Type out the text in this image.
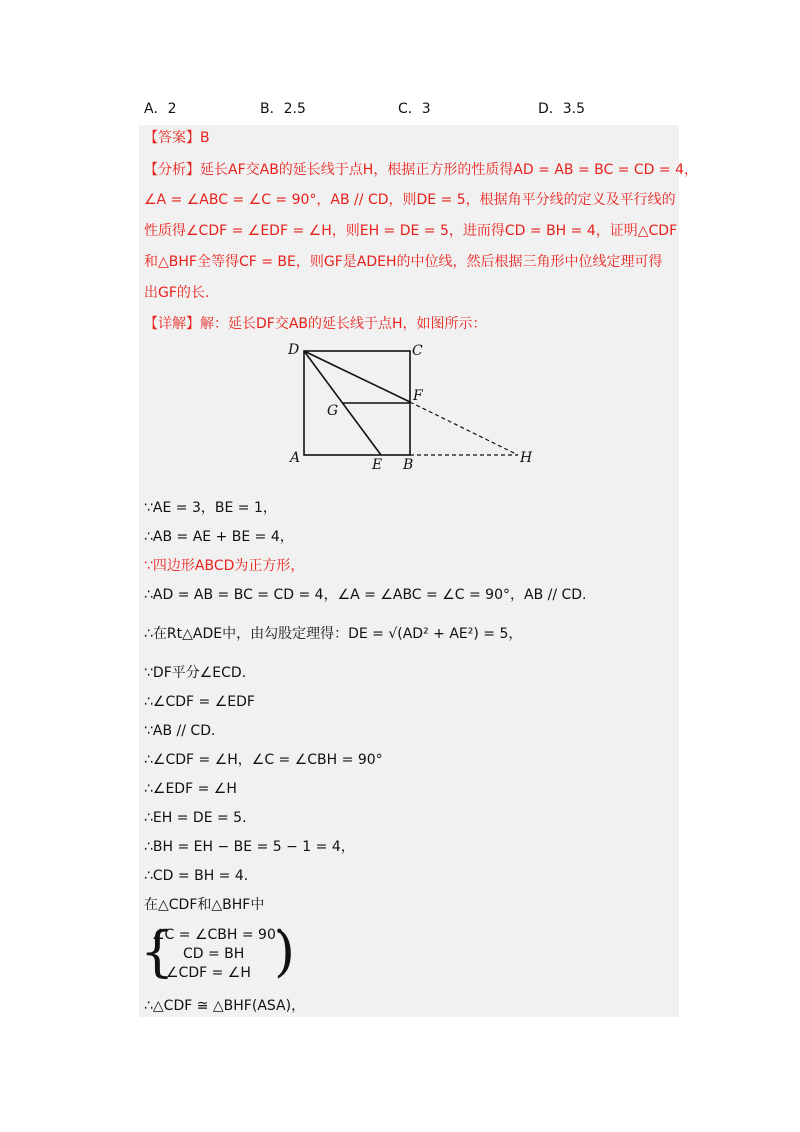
A．2	B．2.5	C．3	D．3.5
【答案】B
【分析】延长AF交AB的延长线于点H，根据正方形的性质得AD = AB = BC = CD = 4，
∠A = ∠ABC = ∠C = 90°，AB // CD，则DE = 5，根据角平分线的定义及平行线的
性质得∠CDF = ∠EDF = ∠H，则EH = DE = 5，进而得CD = BH = 4，证明△CDF
和△BHF全等得CF = BE，则GF是ADEH的中位线，然后根据三角形中位线定理可得
出GF的长.
【详解】解：延长DF交AB的延长线于点H，如图所示：
D	C
G
F
A	E B	H
∵AE = 3，BE = 1，
∴AB = AE + BE = 4，
∵四边形ABCD为正方形，
∴AD = AB = BC = CD = 4，∠A = ∠ABC = ∠C = 90°，AB // CD.
∴在Rt△ADE中，由勾股定理得：DE = √(AD² + AE²) = 5，
∵DF平分∠ECD.
∴∠CDF = ∠EDF
∵AB // CD.
∴∠CDF = ∠H，∠C = ∠CBH = 90°
∴∠EDF = ∠H
∴EH = DE = 5.
∴BH = EH − BE = 5 − 1 = 4，
∴CD = BH = 4.
在△CDF和△BHF中
{
∠C = ∠CBH = 90°
CD = BH
∠CDF = ∠H )
∴△CDF ≅ △BHF(ASA)，
